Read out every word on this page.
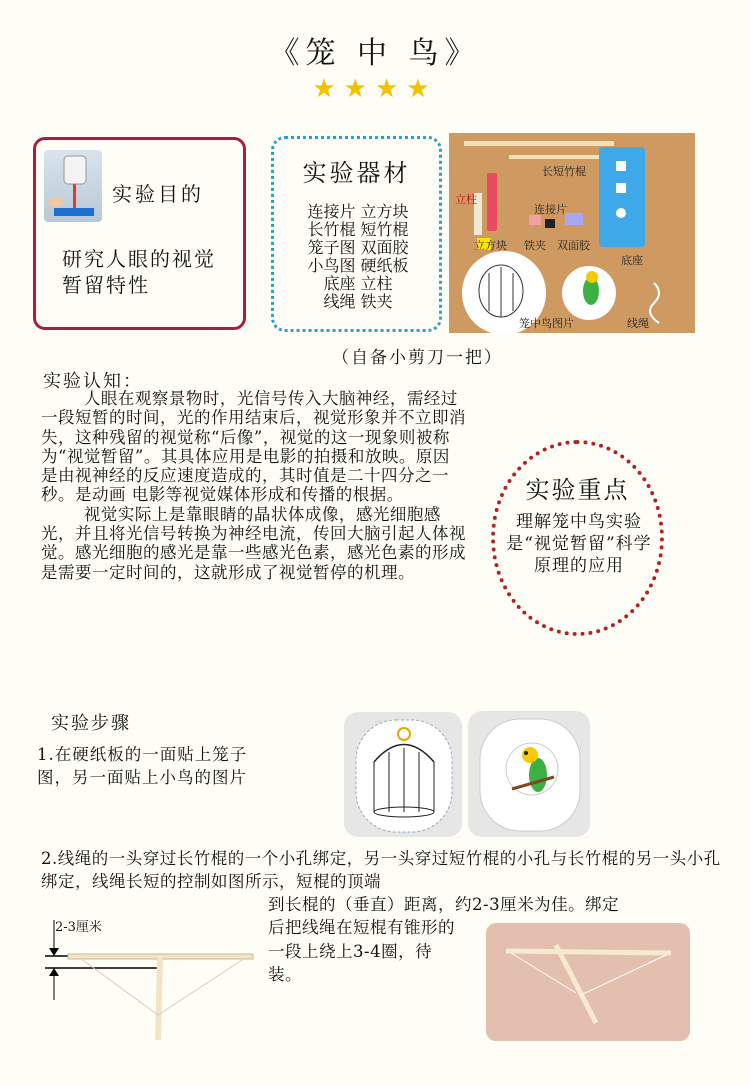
《笼 中 鸟》
★★★★
实验目的
研究人眼的视觉暂留特性
实验器材
连接片 立方块
长竹棍 短竹棍
笼子图 双面胶
小鸟图 硬纸板
底座 立柱
线绳 铁夹
长短竹棍
立柱
连接片
立方块 铁夹 双面胶
底座
笼中鸟图片	线绳
（自备小剪刀一把）
实验认知：

人眼在观察景物时，光信号传入大脑神经，需经过一段短暂的时间，光的作用结束后，视觉形象并不立即消失，这种残留的视觉称“后像”，视觉的这一现象则被称为“视觉暂留”。其具体应用是电影的拍摄和放映。原因是由视神经的反应速度造成的，其时值是二十四分之一秒。是动画 电影等视觉媒体形成和传播的根据。

视觉实际上是靠眼睛的晶状体成像，感光细胞感光，并且将光信号转换为神经电流，传回大脑引起人体视觉。感光细胞的感光是靠一些感光色素，感光色素的形成是需要一定时间的，这就形成了视觉暂停的机理。

实验重点
理解笼中鸟实验是“视觉暂留”科学原理的应用
实验步骤
1.在硬纸板的一面贴上笼子图，另一面贴上小鸟的图片
2.线绳的一头穿过长竹棍的一个小孔绑定，另一头穿过短竹棍的小孔与长竹棍的另一头小孔绑定，线绳长短的控制如图所示，短棍的顶端
到长棍的（垂直）距离，约2-3厘米为佳。绑定
后把线绳在短棍有锥形的一段上绕上3-4圈，待装。
2-3厘米
